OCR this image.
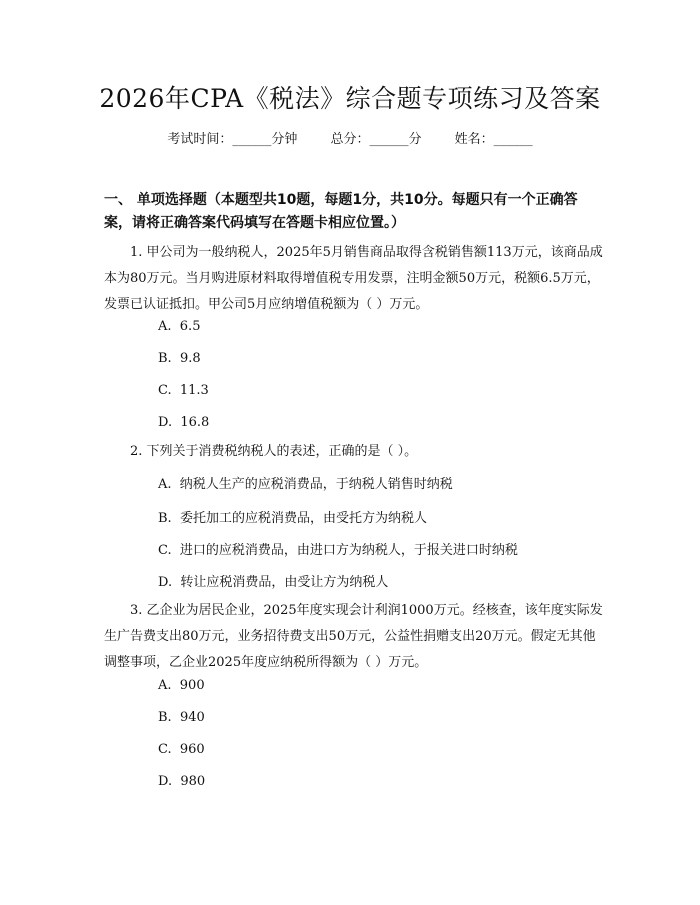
2026年CPA《税法》综合题专项练习及答案
考试时间：______分钟	总分：______分	姓名：______
一、 单项选择题（本题型共10题，每题1分，共10分。每题只有一个正确答案，请将正确答案代码填写在答题卡相应位置。）
1. 甲公司为一般纳税人，2025年5月销售商品取得含税销售额113万元，该商品成本为80万元。当月购进原材料取得增值税专用发票，注明金额50万元，税额6.5万元，发票已认证抵扣。甲公司5月应纳增值税额为（ ）万元。
A.  6.5
B.  9.8
C.  11.3
D.  16.8
2. 下列关于消费税纳税人的表述，正确的是（ ）。
A.  纳税人生产的应税消费品，于纳税人销售时纳税
B.  委托加工的应税消费品，由受托方为纳税人
C.  进口的应税消费品，由进口方为纳税人，于报关进口时纳税
D.  转让应税消费品，由受让方为纳税人
3. 乙企业为居民企业，2025年度实现会计利润1000万元。经核查，该年度实际发生广告费支出80万元，业务招待费支出50万元，公益性捐赠支出20万元。假定无其他调整事项，乙企业2025年度应纳税所得额为（ ）万元。
A.  900
B.  940
C.  960
D.  980
